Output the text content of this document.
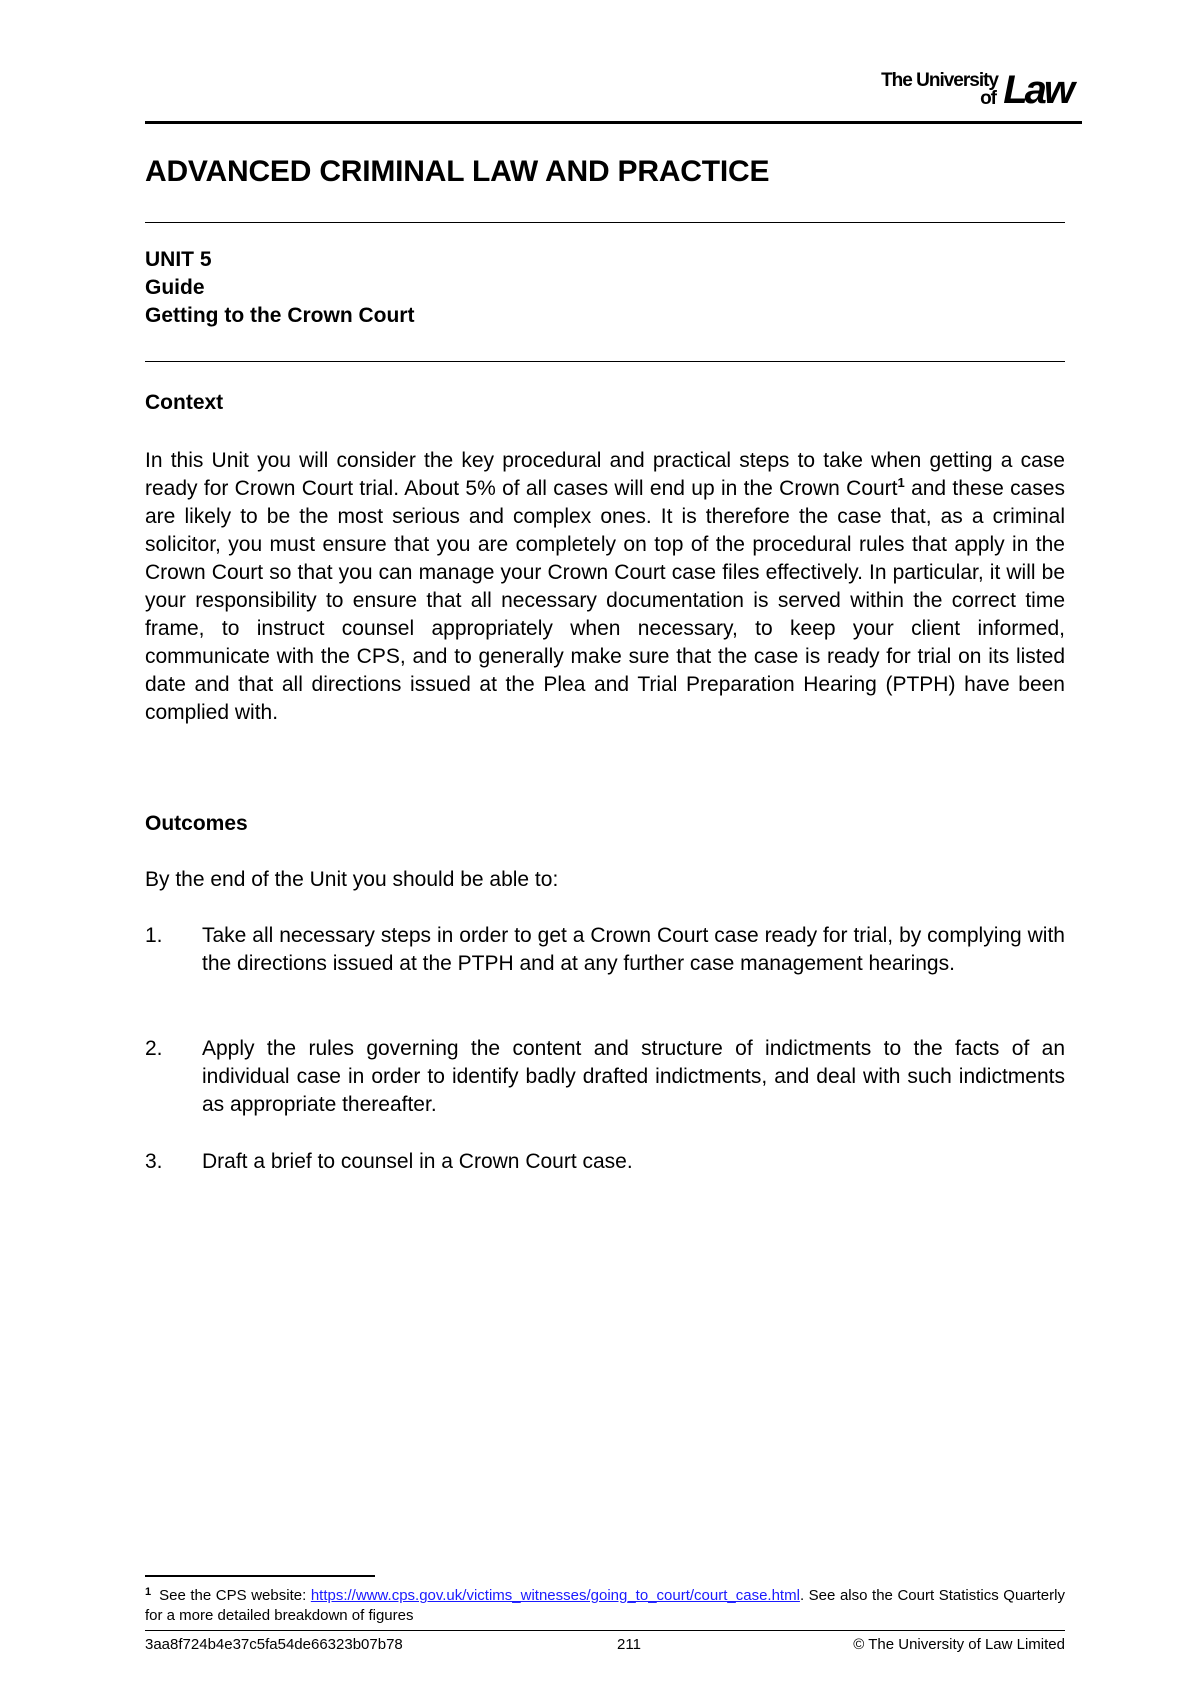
The University
of Law
ADVANCED CRIMINAL LAW AND PRACTICE
UNIT 5
Guide
Getting to the Crown Court
Context
In this Unit you will consider the key procedural and practical steps to take when getting a case ready for Crown Court trial. About 5% of all cases will end up in the Crown Court$^1$ and these cases are likely to be the most serious and complex ones. It is therefore the case that, as a criminal solicitor, you must ensure that you are completely on top of the procedural rules that apply in the Crown Court so that you can manage your Crown Court case files effectively. In particular, it will be your responsibility to ensure that all necessary documentation is served within the correct time frame, to instruct counsel appropriately when necessary, to keep your client informed, communicate with the CPS, and to generally make sure that the case is ready for trial on its listed date and that all directions issued at the Plea and Trial Preparation Hearing (PTPH) have been complied with.
Outcomes
By the end of the Unit you should be able to:
1. Take all necessary steps in order to get a Crown Court case ready for trial, by complying with the directions issued at the PTPH and at any further case management hearings.
2. Apply the rules governing the content and structure of indictments to the facts of an individual case in order to identify badly drafted indictments, and deal with such indictments as appropriate thereafter.
3. Draft a brief to counsel in a Crown Court case.
$^1$ See the CPS website: https://www.cps.gov.uk/victims_witnesses/going_to_court/court_case.html. See also the Court Statistics Quarterly for a more detailed breakdown of figures
3aa8f724b4e37c5fa54de66323b07b78	211	© The University of Law Limited
